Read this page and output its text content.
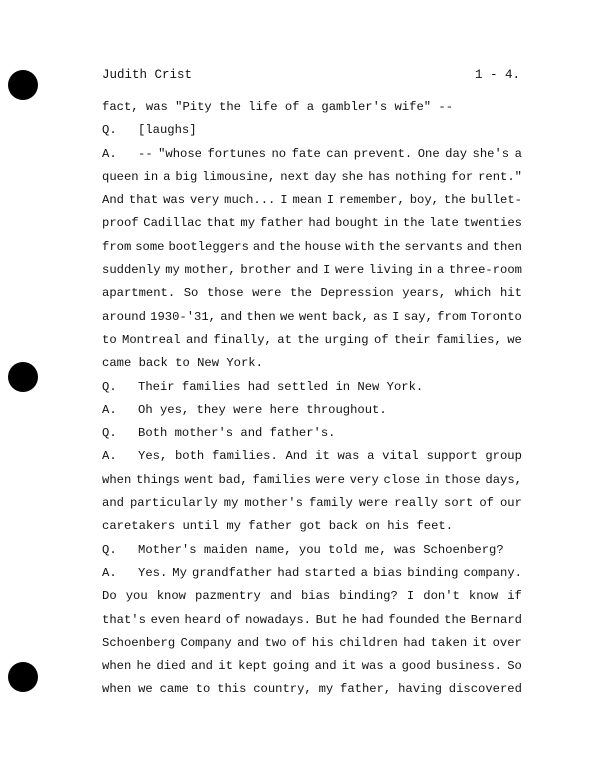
Judith Crist	1 - 4.
fact, was "Pity the life of a gambler's wife" --
Q.	[laughs]
A.	-- "whose fortunes no fate can prevent. One day she's a
queen in a big limousine, next day she has nothing for rent."
And that was very much... I mean I remember, boy, the bullet-
proof Cadillac that my father had bought in the late twenties
from some bootleggers and the house with the servants and then
suddenly my mother, brother and I were living in a three-room
apartment. So those were the Depression years, which hit
around 1930-'31, and then we went back, as I say, from Toronto
to Montreal and finally, at the urging of their families, we
came back to New York.
Q.	Their families had settled in New York.
A.	Oh yes, they were here throughout.
Q.	Both mother's and father's.
A.	Yes, both families. And it was a vital support group
when things went bad, families were very close in those days,
and particularly my mother's family were really sort of our
caretakers until my father got back on his feet.
Q.	Mother's maiden name, you told me, was Schoenberg?
A.	Yes. My grandfather had started a bias binding company.
Do you know pazmentry and bias binding? I don't know if
that's even heard of nowadays. But he had founded the Bernard
Schoenberg Company and two of his children had taken it over
when he died and it kept going and it was a good business. So
when we came to this country, my father, having discovered
